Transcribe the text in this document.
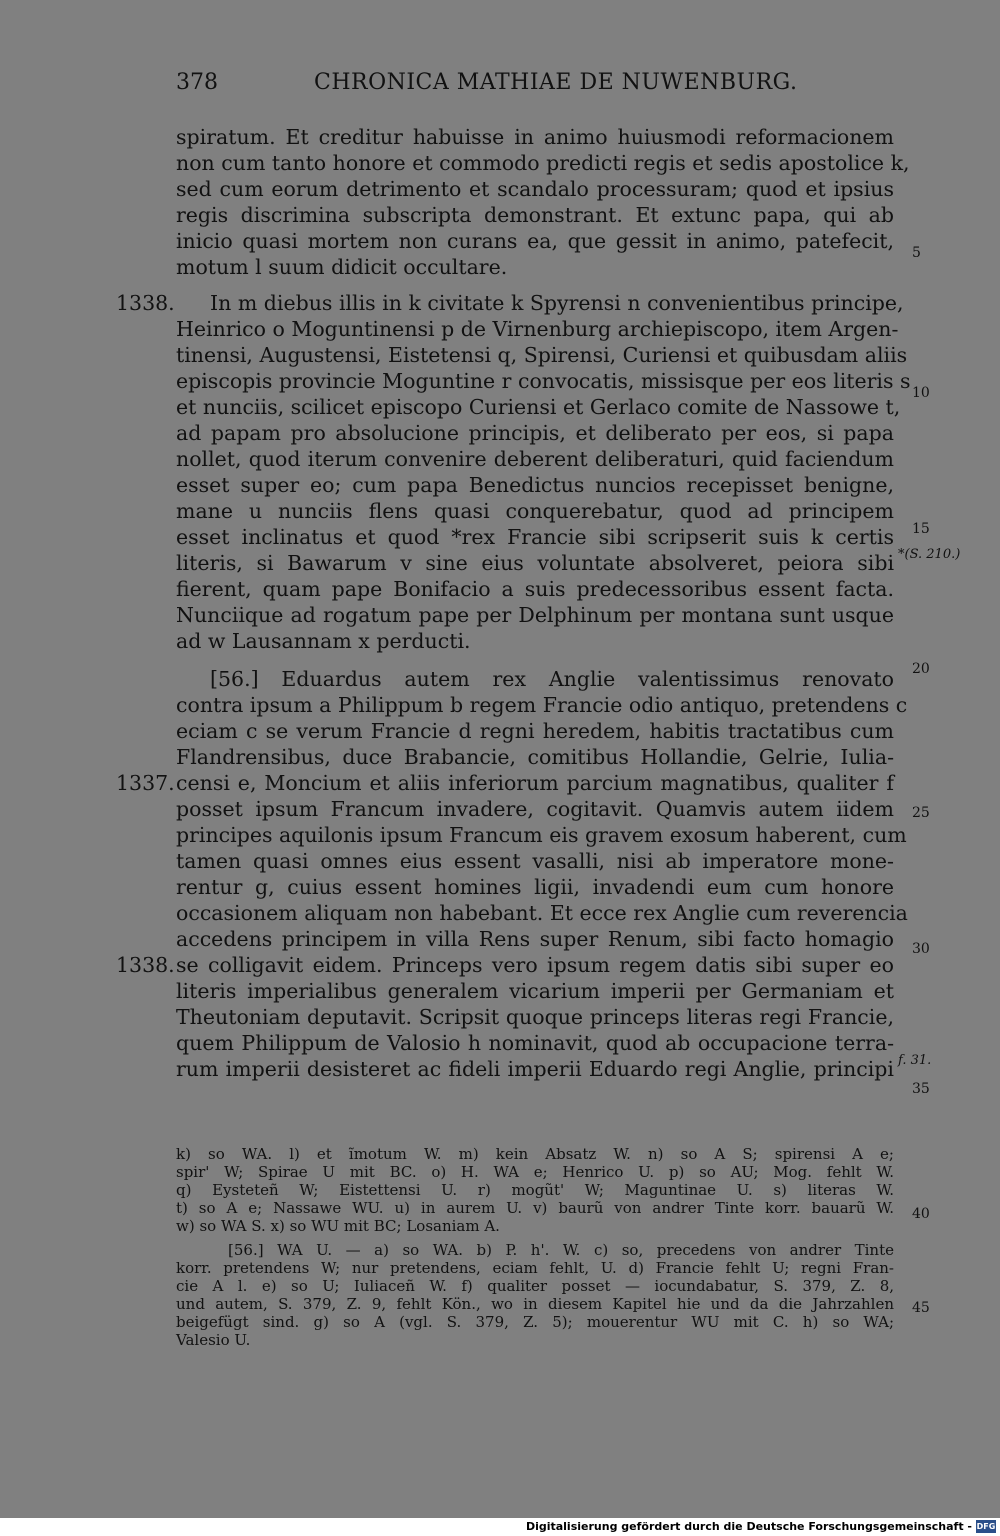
378	CHRONICA MATHIAE DE NUWENBURG.
spiratum. Et creditur habuisse in animo huiusmodi reformacionem
non cum tanto honore et commodo predicti regis et sedis apostolice k,
sed cum eorum detrimento et scandalo processuram; quod et ipsius
regis discrimina subscripta demonstrant. Et extunc papa, qui ab
inicio quasi mortem non curans ea, que gessit in animo, patefecit,
motum l suum didicit occultare.
In m diebus illis in k civitate k Spyrensi n convenientibus principe,
Heinrico o Moguntinensi p de Virnenburg archiepiscopo, item Argen-
tinensi, Augustensi, Eistetensi q, Spirensi, Curiensi et quibusdam aliis
episcopis provincie Moguntine r convocatis, missisque per eos literis s
et nunciis, scilicet episcopo Curiensi et Gerlaco comite de Nassowe t,
ad papam pro absolucione principis, et deliberato per eos, si papa
nollet, quod iterum convenire deberent deliberaturi, quid faciendum
esset super eo; cum papa Benedictus nuncios recepisset benigne,
mane u nunciis flens quasi conquerebatur, quod ad principem
esset inclinatus et quod *rex Francie sibi scripserit suis k certis
literis, si Bawarum v sine eius voluntate absolveret, peiora sibi
fierent, quam pape Bonifacio a suis predecessoribus essent facta.
Nunciique ad rogatum pape per Delphinum per montana sunt usque
ad w Lausannam x perducti.
[56.] Eduardus autem rex Anglie valentissimus renovato
contra ipsum a Philippum b regem Francie odio antiquo, pretendens c
eciam c se verum Francie d regni heredem, habitis tractatibus cum
Flandrensibus, duce Brabancie, comitibus Hollandie, Gelrie, Iulia-
censi e, Moncium et aliis inferiorum parcium magnatibus, qualiter f
posset ipsum Francum invadere, cogitavit. Quamvis autem iidem
principes aquilonis ipsum Francum eis gravem exosum haberent, cum
tamen quasi omnes eius essent vasalli, nisi ab imperatore mone-
rentur g, cuius essent homines ligii, invadendi eum cum honore
occasionem aliquam non habebant. Et ecce rex Anglie cum reverencia
accedens principem in villa Rens super Renum, sibi facto homagio
se colligavit eidem. Princeps vero ipsum regem datis sibi super eo
literis imperialibus generalem vicarium imperii per Germaniam et
Theutoniam deputavit. Scripsit quoque princeps literas regi Francie,
quem Philippum de Valosio h nominavit, quod ab occupacione terra-
rum imperii desisteret ac fideli imperii Eduardo regi Anglie, principi
1338.
1337.
1338.
5
10
15
20
25
30
35
*(S. 210.)
f. 31.
k) so WA. l) et ĩmotum W. m) kein Absatz W. n) so A S; spirensi A e;
spir' W; Spirae U mit BC. o) H. WA e; Henrico U. p) so AU; Mog. fehlt W.
q) Eysteteñ W; Eistettensi U. r) mogũt' W; Maguntinae U. s) literas W.
t) so A e; Nassawe WU. u) in aurem U. v) baurũ von andrer Tinte korr. bauarũ W.
w) so WA S. x) so WU mit BC; Losaniam A.
[56.] WA U. — a) so WA. b) P. h'. W. c) so, precedens von andrer Tinte
korr. pretendens W; nur pretendens, eciam fehlt, U. d) Francie fehlt U; regni Fran-
cie A l. e) so U; Iuliaceñ W. f) qualiter posset — iocundabatur, S. 379, Z. 8,
und autem, S. 379, Z. 9, fehlt Kön., wo in diesem Kapitel hie und da die Jahrzahlen
beigefügt sind. g) so A (vgl. S. 379, Z. 5); mouerentur WU mit C. h) so WA;
Valesio U.
40
45
Digitalisierung gefördert durch die Deutsche Forschungsgemeinschaft - DFG
